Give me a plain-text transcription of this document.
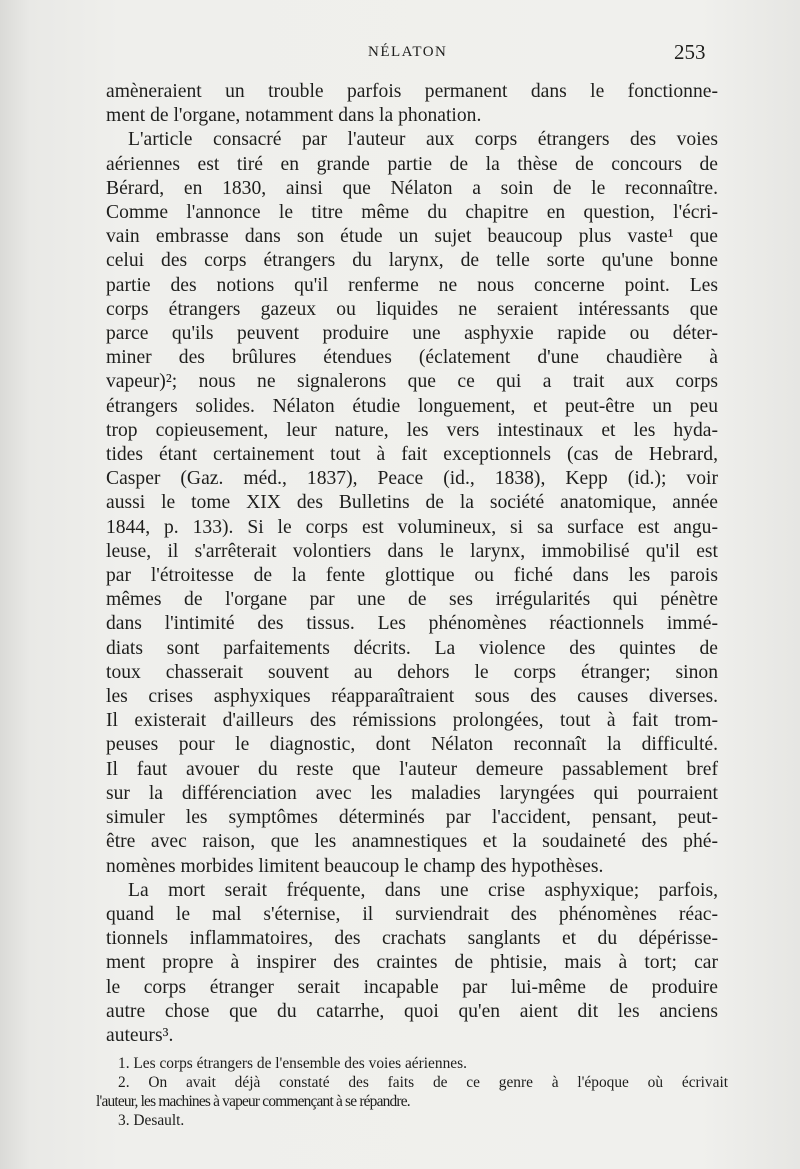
NÉLATON	253

amèneraient un trouble parfois permanent dans le fonctionne-
ment de l'organe, notamment dans la phonation.

L'article consacré par l'auteur aux corps étrangers des voies
aériennes est tiré en grande partie de la thèse de concours de
Bérard, en 1830, ainsi que Nélaton a soin de le reconnaître.
Comme l'annonce le titre même du chapitre en question, l'écri-
vain embrasse dans son étude un sujet beaucoup plus vaste¹ que
celui des corps étrangers du larynx, de telle sorte qu'une bonne
partie des notions qu'il renferme ne nous concerne point. Les
corps étrangers gazeux ou liquides ne seraient intéressants que
parce qu'ils peuvent produire une asphyxie rapide ou déter-
miner des brûlures étendues (éclatement d'une chaudière à
vapeur)²; nous ne signalerons que ce qui a trait aux corps
étrangers solides. Nélaton étudie longuement, et peut-être un peu
trop copieusement, leur nature, les vers intestinaux et les hyda-
tides étant certainement tout à fait exceptionnels (cas de Hebrard,
Casper (Gaz. méd., 1837), Peace (id., 1838), Kepp (id.); voir
aussi le tome XIX des Bulletins de la société anatomique, année
1844, p. 133). Si le corps est volumineux, si sa surface est angu-
leuse, il s'arrêterait volontiers dans le larynx, immobilisé qu'il est
par l'étroitesse de la fente glottique ou fiché dans les parois
mêmes de l'organe par une de ses irrégularités qui pénètre
dans l'intimité des tissus. Les phénomènes réactionnels immé-
diats sont parfaitements décrits. La violence des quintes de
toux chasserait souvent au dehors le corps étranger; sinon
les crises asphyxiques réapparaîtraient sous des causes diverses.
Il existerait d'ailleurs des rémissions prolongées, tout à fait trom-
peuses pour le diagnostic, dont Nélaton reconnaît la difficulté.
Il faut avouer du reste que l'auteur demeure passablement bref
sur la différenciation avec les maladies laryngées qui pourraient
simuler les symptômes déterminés par l'accident, pensant, peut-
être avec raison, que les anamnestiques et la soudaineté des phé-
nomènes morbides limitent beaucoup le champ des hypothèses.

La mort serait fréquente, dans une crise asphyxique; parfois,
quand le mal s'éternise, il surviendrait des phénomènes réac-
tionnels inflammatoires, des crachats sanglants et du dépérisse-
ment propre à inspirer des craintes de phtisie, mais à tort; car
le corps étranger serait incapable par lui-même de produire
autre chose que du catarrhe, quoi qu'en aient dit les anciens
auteurs³.

1. Les corps étrangers de l'ensemble des voies aériennes.

2. On avait déjà constaté des faits de ce genre à l'époque où écrivait

l'auteur, les machines à vapeur commençant à se répandre.

3. Desault.
